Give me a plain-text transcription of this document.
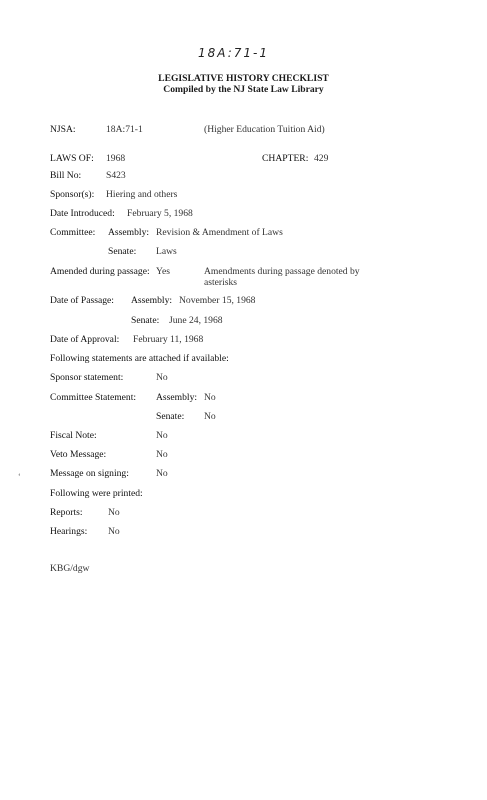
18A:71-1
LEGISLATIVE HISTORY CHECKLIST
Compiled by the NJ State Law Library
NJSA:	18A:71-1	(Higher Education Tuition Aid)
LAWS OF: 1968	CHAPTER: 429
Bill No:	S423
Sponsor(s): Hiering and others
Date Introduced: February 5, 1968
Committee: Assembly: Revision & Amendment of Laws
Senate: Laws
Amended during passage: Yes	Amendments during passage denoted by asterisks
Date of Passage: Assembly: November 15, 1968
Senate: June 24, 1968
Date of Approval: February 11, 1968
Following statements are attached if available:
Sponsor statement:	No
Committee Statement: Assembly: No
Senate: No
Fiscal Note:	No
Veto Message:	No
Message on signing:	No
‘
Following were printed:
Reports:	No
Hearings: No
KBG/dgw
